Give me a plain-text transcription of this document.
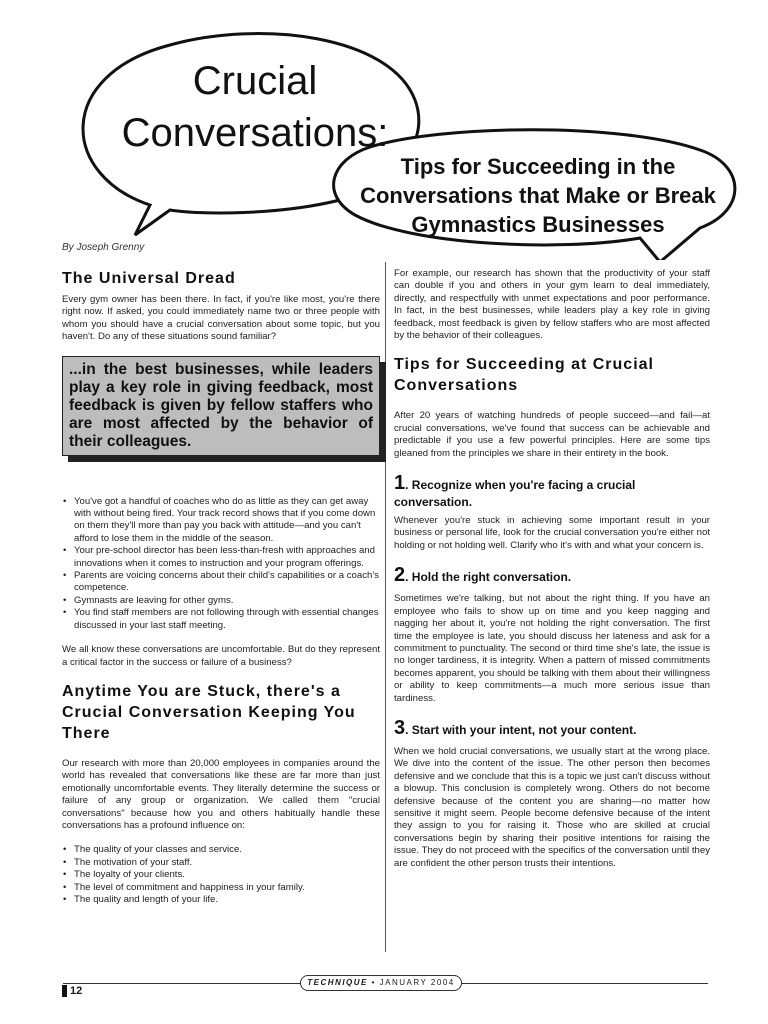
Crucial
Conversations:
Tips for Succeeding in the
Conversations that Make or Break
Gymnastics Businesses
By Joseph Grenny
The Universal Dread

Every gym owner has been there. In fact, if you're like most, you're there right now. If asked, you could immediately name two or three people with whom you should have a crucial conversation about some topic, but you haven't. Do any of these situations sound familiar?

...in the best businesses, while leaders play a key role in giving feedback, most feedback is given by fellow staffers who are most affected by the behavior of their colleagues.
• You've got a handful of coaches who do as little as they can get away with without being fired. Your track record shows that if you come down on them they'll more than pay you back with attitude—and you can't afford to lose them in the middle of the season.
• Your pre-school director has been less-than-fresh with approaches and innovations when it comes to instruction and your program offerings.
• Parents are voicing concerns about their child's capabilities or a coach's competence.
• Gymnasts are leaving for other gyms.
• You find staff members are not following through with essential changes discussed in your last staff meeting.

We all know these conversations are uncomfortable. But do they represent a critical factor in the success or failure of a business?

Anytime You are Stuck, there's a Crucial Conversation Keeping You There

Our research with more than 20,000 employees in companies around the world has revealed that conversations like these are far more than just emotionally uncomfortable events. They literally determine the success or failure of any group or organization. We called them "crucial conversations" because how you and others habitually handle these conversations has a profound influence on:

• The quality of your classes and service.
• The motivation of your staff.
• The loyalty of your clients.
• The level of commitment and happiness in your family.
• The quality and length of your life.

For example, our research has shown that the productivity of your staff can double if you and others in your gym learn to deal immediately, directly, and respectfully with unmet expectations and poor performance. In fact, in the best businesses, while leaders play a key role in giving feedback, most feedback is given by fellow staffers who are most affected by the behavior of their colleagues.

Tips for Succeeding at Crucial Conversations

After 20 years of watching hundreds of people succeed—and fail—at crucial conversations, we've found that success can be achievable and predictable if you use a few powerful principles. Here are some tips gleaned from the principles we share in their entirety in the book.

1. Recognize when you're facing a crucial conversation.

Whenever you're stuck in achieving some important result in your business or personal life, look for the crucial conversation you're either not holding or not holding well. Clarify who it's with and what your concern is.

2. Hold the right conversation.

Sometimes we're talking, but not about the right thing. If you have an employee who fails to show up on time and you keep nagging and nagging her about it, you're not holding the right conversation. The first time the employee is late, you should discuss her lateness and ask for a commitment to punctuality. The second or third time she's late, the issue is no longer tardiness, it is integrity. When a pattern of missed commitments becomes apparent, you should be talking with them about their willingness or ability to keep commitments—a much more serious issue than tardiness.

3. Start with your intent, not your content.

When we hold crucial conversations, we usually start at the wrong place. We dive into the content of the issue. The other person then becomes defensive and we conclude that this is a topic we just can't discuss without a blowup. This conclusion is completely wrong. Others do not become defensive because of the content you are sharing—no matter how sensitive it might seem. People become defensive because of the intent they assign to you for raising it. Those who are skilled at crucial conversations begin by sharing their positive intentions for raising the issue. They do not proceed with the specifics of the conversation until they are confident the other person trusts their intentions.

TECHNIQUE • JANUARY 2004
12
